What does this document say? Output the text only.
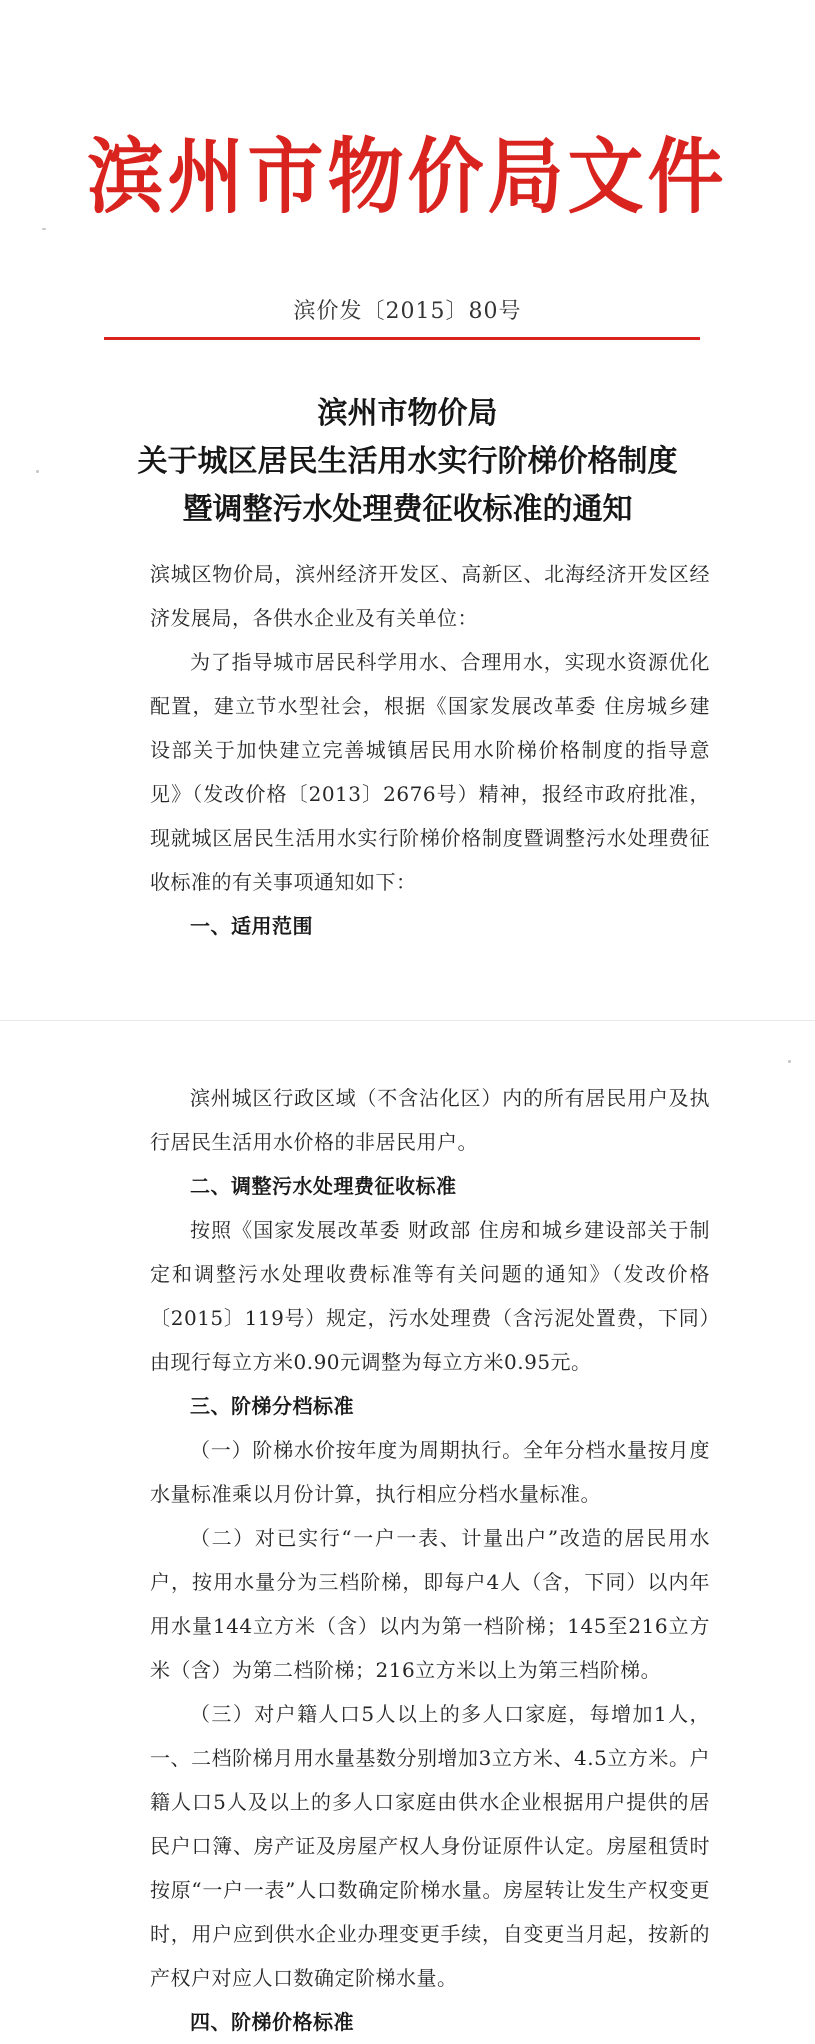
滨州市物价局文件
滨价发〔2015〕80号
滨州市物价局
关于城区居民生活用水实行阶梯价格制度
暨调整污水处理费征收标准的通知

滨城区物价局，滨州经济开发区、高新区、北海经济开发区经济发展局，各供水企业及有关单位：

为了指导城市居民科学用水、合理用水，实现水资源优化配置，建立节水型社会，根据《国家发展改革委 住房城乡建设部关于加快建立完善城镇居民用水阶梯价格制度的指导意见》（发改价格〔2013〕2676号）精神，报经市政府批准，现就城区居民生活用水实行阶梯价格制度暨调整污水处理费征收标准的有关事项通知如下：

一、适用范围

滨州城区行政区域（不含沾化区）内的所有居民用户及执行居民生活用水价格的非居民用户。

二、调整污水处理费征收标准

按照《国家发展改革委 财政部 住房和城乡建设部关于制定和调整污水处理收费标准等有关问题的通知》（发改价格〔2015〕119号）规定，污水处理费（含污泥处置费，下同）由现行每立方米0.90元调整为每立方米0.95元。

三、阶梯分档标准

（一）阶梯水价按年度为周期执行。全年分档水量按月度水量标准乘以月份计算，执行相应分档水量标准。

（二）对已实行“一户一表、计量出户”改造的居民用水户，按用水量分为三档阶梯，即每户4人（含，下同）以内年用水量144立方米（含）以内为第一档阶梯；145至216立方米（含）为第二档阶梯；216立方米以上为第三档阶梯。

（三）对户籍人口5人以上的多人口家庭，每增加1人，一、二档阶梯月用水量基数分别增加3立方米、4.5立方米。户籍人口5人及以上的多人口家庭由供水企业根据用户提供的居民户口簿、房产证及房屋产权人身份证原件认定。房屋租赁时按原“一户一表”人口数确定阶梯水量。房屋转让发生产权变更时，用户应到供水企业办理变更手续，自变更当月起，按新的产权户对应人口数确定阶梯水量。

四、阶梯价格标准
